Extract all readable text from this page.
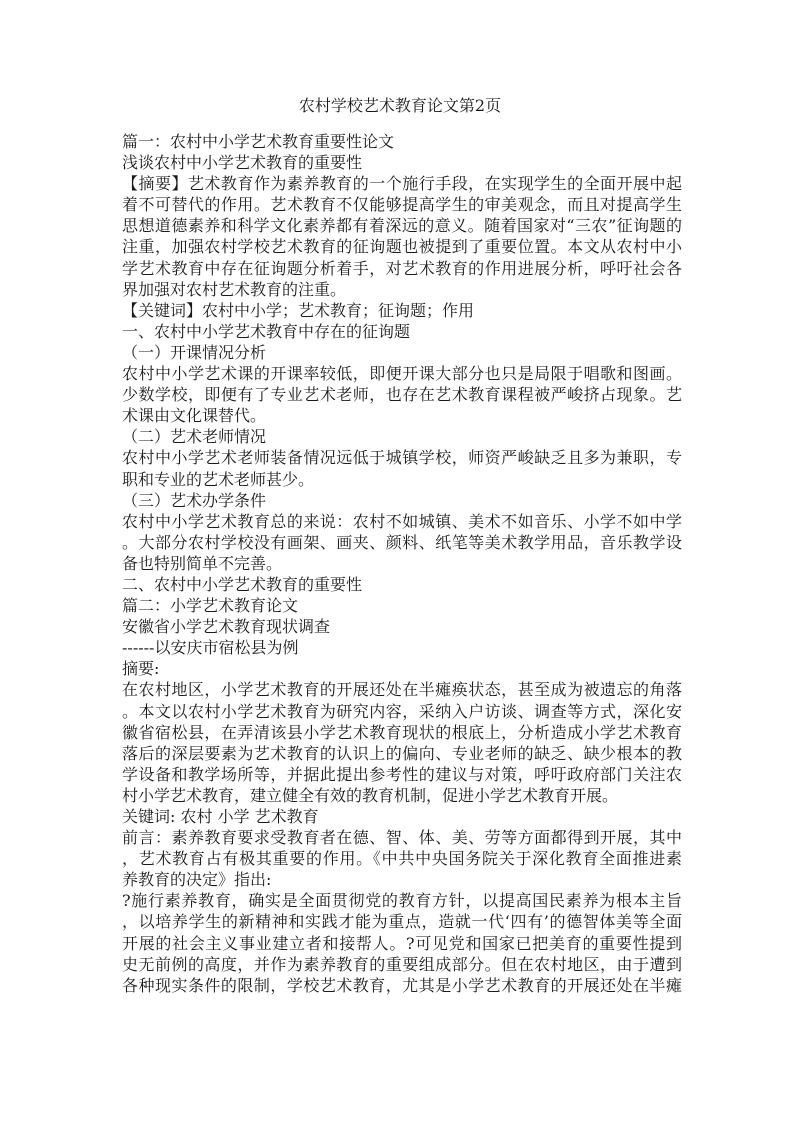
农村学校艺术教育论文第2页
篇一：农村中小学艺术教育重要性论文
浅谈农村中小学艺术教育的重要性
【摘要】艺术教育作为素养教育的一个施行手段，在实现学生的全面开展中起
着不可替代的作用。艺术教育不仅能够提高学生的审美观念，而且对提高学生
思想道德素养和科学文化素养都有着深远的意义。随着国家对“三农”征询题的
注重，加强农村学校艺术教育的征询题也被提到了重要位置。本文从农村中小
学艺术教育中存在征询题分析着手，对艺术教育的作用进展分析，呼吁社会各
界加强对农村艺术教育的注重。
【关键词】农村中小学；艺术教育；征询题；作用
一、农村中小学艺术教育中存在的征询题
（一）开课情况分析
农村中小学艺术课的开课率较低，即便开课大部分也只是局限于唱歌和图画。
少数学校，即便有了专业艺术老师，也存在艺术教育课程被严峻挤占现象。艺
术课由文化课替代。
（二）艺术老师情况
农村中小学艺术老师装备情况远低于城镇学校，师资严峻缺乏且多为兼职，专
职和专业的艺术老师甚少。
（三）艺术办学条件
农村中小学艺术教育总的来说：农村不如城镇、美术不如音乐、小学不如中学
。大部分农村学校没有画架、画夹、颜料、纸笔等美术教学用品，音乐教学设
备也特别简单不完善。
二、农村中小学艺术教育的重要性
篇二：小学艺术教育论文
安徽省小学艺术教育现状调查
------以安庆市宿松县为例
摘要:
在农村地区，小学艺术教育的开展还处在半瘫痪状态，甚至成为被遗忘的角落
。本文以农村小学艺术教育为研究内容，采纳入户访谈、调查等方式，深化安
徽省宿松县，在弄清该县小学艺术教育现状的根底上，分析造成小学艺术教育
落后的深层要素为艺术教育的认识上的偏向、专业老师的缺乏、缺少根本的教
学设备和教学场所等，并据此提出参考性的建议与对策，呼吁政府部门关注农
村小学艺术教育，建立健全有效的教育机制，促进小学艺术教育开展。
关键词: 农村 小学 艺术教育
前言：素养教育要求受教育者在德、智、体、美、劳等方面都得到开展，其中
，艺术教育占有极其重要的作用。《中共中央国务院关于深化教育全面推进素
养教育的决定》指出:
?施行素养教育，确实是全面贯彻党的教育方针，以提高国民素养为根本主旨
，以培养学生的新精神和实践才能为重点，造就一代‘四有’的德智体美等全面
开展的社会主义事业建立者和接帮人。?可见党和国家已把美育的重要性提到
史无前例的高度，并作为素养教育的重要组成部分。但在农村地区，由于遭到
各种现实条件的限制，学校艺术教育，尤其是小学艺术教育的开展还处在半瘫
